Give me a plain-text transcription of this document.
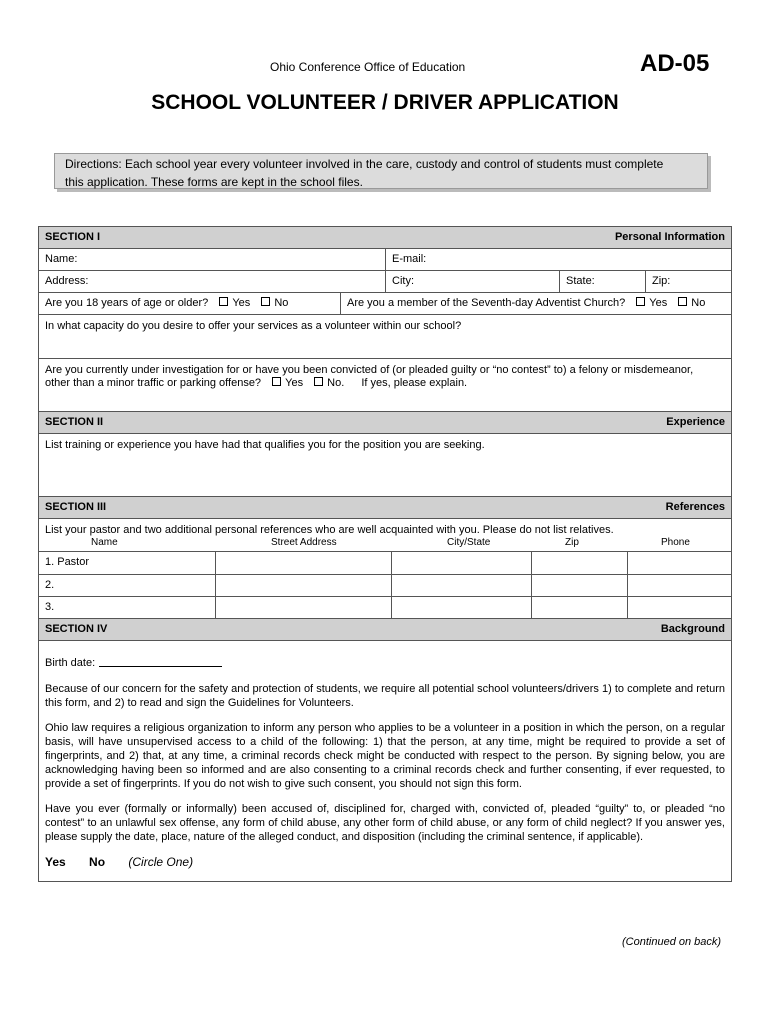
Ohio Conference Office of Education	AD-05
SCHOOL VOLUNTEER / DRIVER APPLICATION
Directions: Each school year every volunteer involved in the care, custody and control of students must complete
this application. These forms are kept in the school files.
SECTION I	Personal Information
Name:	E-mail:
Address:	City:	State:	Zip:
Are you 18 years of age or older? Yes No	Are you a member of the Seventh-day Adventist Church? Yes No
In what capacity do you desire to offer your services as a volunteer within our school?
Are you currently under investigation for or have you been convicted of (or pleaded guilty or “no contest” to) a felony or misdemeanor,
other than a minor traffic or parking offense? Yes No. If yes, please explain.
SECTION II	Experience
List training or experience you have had that qualifies you for the position you are seeking.
SECTION III	References
List your pastor and two additional personal references who are well acquainted with you. Please do not list relatives.
Name	Street Address	City/State	Zip	Phone
1. Pastor
2.
3.
SECTION IV	Background
Birth date:
Because of our concern for the safety and protection of students, we require all potential school volunteers/drivers 1) to complete and return this form, and 2) to read and sign the Guidelines for Volunteers.
Ohio law requires a religious organization to inform any person who applies to be a volunteer in a position in which the person, on a regular basis, will have unsupervised access to a child of the following: 1) that the person, at any time, might be required to provide a set of fingerprints, and 2) that, at any time, a criminal records check might be conducted with respect to the person. By signing below, you are acknowledging having been so informed and are also consenting to a criminal records check and further consenting, if ever requested, to provide a set of fingerprints. If you do not wish to give such consent, you should not sign this form.
Have you ever (formally or informally) been accused of, disciplined for, charged with, convicted of, pleaded “guilty” to, or pleaded “no contest” to an unlawful sex offense, any form of child abuse, any other form of child abuse, or any form of child neglect? If you answer yes, please supply the date, place, nature of the alleged conduct, and disposition (including the criminal sentence, if applicable).
Yes No (Circle One)
(Continued on back)
